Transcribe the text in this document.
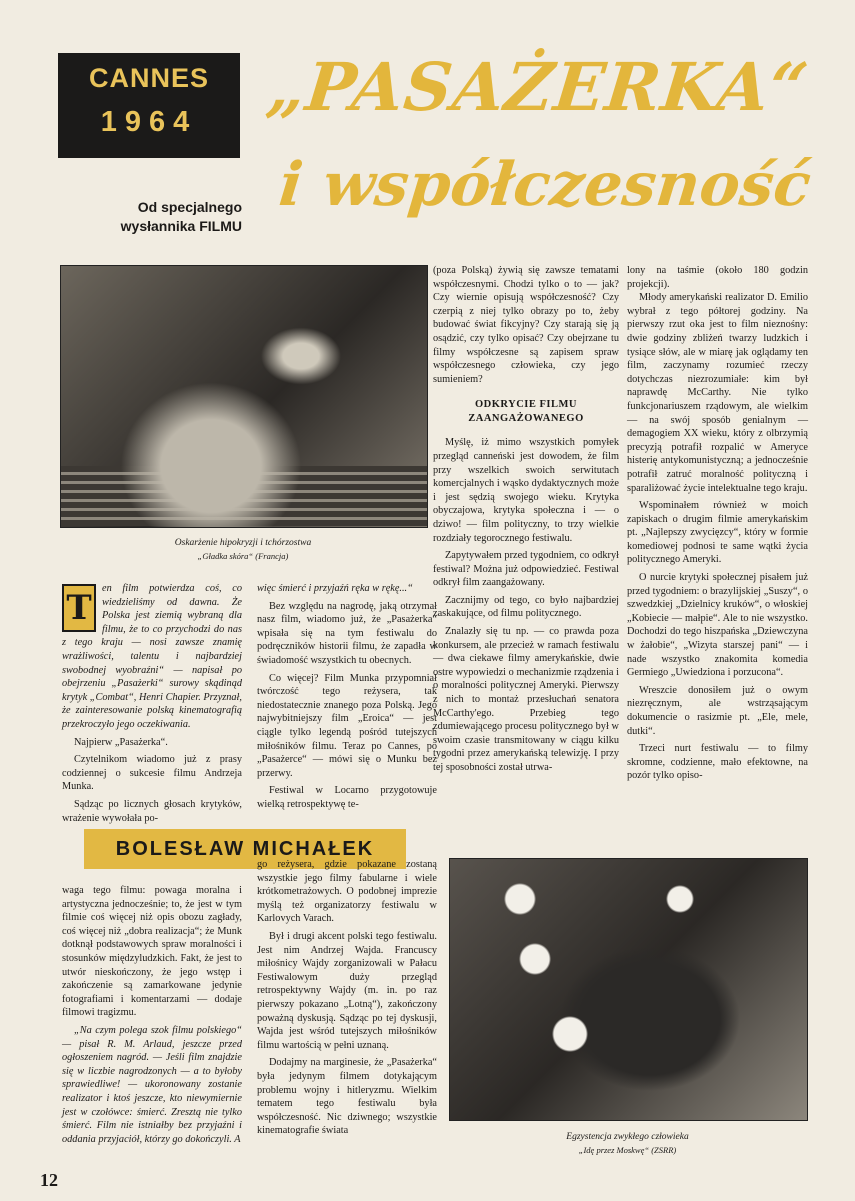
CANNES
1964	„PASAŻERKA“
i współczesność
Od specjalnego
wysłannika FILMU
Oskarżenie hipokryzji i tchórzostwa
„Gładka skóra“ (Francja)

(poza Polską) żywią się zawsze tematami współczesnymi. Chodzi tylko o to — jak? Czy wiernie opisują współczesność? Czy czerpią z niej tylko obrazy po to, żeby budować świat fikcyjny? Czy starają się ją osądzić, czy tylko opisać? Czy obejrzane tu filmy współczesne są zapisem spraw współczesnego człowieka, czy jego sumieniem?

ODKRYCIE FILMU ZAANGAŻOWANEGO

Myślę, iż mimo wszystkich pomyłek przegląd canneński jest dowodem, że film przy wszelkich swoich serwitutach komercjalnych i wąsko dydaktycznych może i jest sędzią swojego wieku. Krytyka obyczajowa, krytyka społeczna i — o dziwo! — film polityczny, to trzy wielkie rozdziały tegorocznego festiwalu.

Zapytywałem przed tygodniem, co odkrył festiwal? Można już odpowiedzieć. Festiwal odkrył film zaangażowany.

Zacznijmy od tego, co było najbardziej zaskakujące, od filmu politycznego.

Znalazły się tu np. — co prawda poza konkursem, ale przecież w ramach festiwalu — dwa ciekawe filmy amerykańskie, dwie ostre wypowiedzi o mechanizmie rządzenia i o moralności politycznej Ameryki. Pierwszy z nich to montaż przesłuchań senatora McCarthy'ego. Przebieg tego zdumiewającego procesu politycznego był w swoim czasie transmitowany w ciągu kilku tygodni przez amerykańską telewizję. I przy tej sposobności został utrwa-

lony na taśmie (około 180 godzin projekcji).

Młody amerykański realizator D. Emilio wybrał z tego półtorej godziny. Na pierwszy rzut oka jest to film nieznośny: dwie godziny zbliżeń twarzy ludzkich i tysiące słów, ale w miarę jak oglądamy ten film, zaczynamy rozumieć rzeczy dotychczas niezrozumiałe: kim był naprawdę McCarthy. Nie tylko funkcjonariuszem rządowym, ale wielkim — na swój sposób genialnym — demagogiem XX wieku, który z olbrzymią precyzją potrafił rozpalić w Ameryce histerię antykomunistyczną; a jednocześnie potrafił zatruć moralność polityczną i sparaliżować życie intelektualne tego kraju.

Wspominałem również w moich zapiskach o drugim filmie amerykańskim pt. „Najlepszy zwycięzcy“, który w formie komediowej podnosi te same wątki życia politycznego Ameryki.

O nurcie krytyki społecznej pisałem już przed tygodniem: o brazylijskiej „Suszy“, o szwedzkiej „Dzielnicy kruków“, o włoskiej „Kobiecie — małpie“. Ale to nie wszystko. Dochodzi do tego hiszpańska „Dziewczyna w żałobie“, „Wizyta starszej pani“ — i nade wszystko znakomita komedia Germiego „Uwiedziona i porzucona“.

Wreszcie donosiłem już o owym niezręcznym, ale wstrząsającym dokumencie o rasizmie pt. „Ele, mele, dutki“.

Trzeci nurt festiwalu — to filmy skromne, codzienne, mało efektowne, na pozór tylko opiso-

T	en film potwierdza coś, co wiedzieliśmy od dawna. Że Polska jest ziemią wybraną dla filmu, że to co przychodzi do nas z tego kraju — nosi zawsze znamię wrażliwości, talentu i najbardziej swobodnej wyobraźni“ — napisał po obejrzeniu „Pasażerki“ surowy skądinąd krytyk „Combat“, Henri Chapier. Przyznał, że zainteresowanie polską kinematografią przekroczyło jego oczekiwania.

Najpierw „Pasażerka“.

Czytelnikom wiadomo już z prasy codziennej o sukcesie filmu Andrzeja Munka.

Sądząc po licznych głosach krytyków, wrażenie wywołała po-

więc śmierć i przyjaźń ręka w rękę...“

Bez względu na nagrodę, jaką otrzymał nasz film, wiadomo już, że „Pasażerka“ wpisała się na tym festiwalu do podręczników historii filmu, że zapadła w świadomość wszystkich tu obecnych.

Co więcej? Film Munka przypomniał twórczość tego reżysera, tak niedostatecznie znanego poza Polską. Jego najwybitniejszy film „Eroica“ — jest ciągle tylko legendą pośród tutejszych miłośników filmu. Teraz po Cannes, po „Pasażerce“ — mówi się o Munku bez przerwy.

Festiwal w Locarno przygotowuje wielką retrospektywę te-

BOLESŁAW MICHAŁEK

waga tego filmu: powaga moralna i artystyczna jednocześnie; to, że jest w tym filmie coś więcej niż opis obozu zagłady, coś więcej niż „dobra realizacja“; że Munk dotknął podstawowych spraw moralności i stosunków międzyludzkich. Fakt, że jest to utwór nieskończony, że jego wstęp i zakończenie są zamarkowane jedynie fotografiami i komentarzami — dodaje filmowi tragizmu.

„Na czym polega szok filmu polskiego“ — pisał R. M. Arlaud, jeszcze przed ogłoszeniem nagród. — Jeśli film znajdzie się w liczbie nagrodzonych — a to byłoby sprawiedliwe! — ukoronowany zostanie realizator i ktoś jeszcze, kto niewymiernie jest w czołówce: śmierć. Zresztą nie tylko śmierć. Film nie istniałby bez przyjaźni i oddania przyjaciół, którzy go dokończyli. A

go reżysera, gdzie pokazane zostaną wszystkie jego filmy fabularne i wiele krótkometrażowych. O podobnej imprezie myślą też organizatorzy festiwalu w Karlovych Varach.

Był i drugi akcent polski tego festiwalu. Jest nim Andrzej Wajda. Francuscy miłośnicy Wajdy zorganizowali w Pałacu Festiwalowym duży przegląd retrospektywny Wajdy (m. in. po raz pierwszy pokazano „Lotną“), zakończony poważną dyskusją. Sądząc po tej dyskusji, Wajda jest wśród tutejszych miłośników filmu wartością w pełni uznaną.

Dodajmy na marginesie, że „Pasażerka“ była jedynym filmem dotykającym problemu wojny i hitleryzmu. Wielkim tematem tego festiwalu była współczesność. Nic dziwnego; wszystkie kinematografie świata

Egzystencja zwykłego człowieka
„Idę przez Moskwę“ (ZSRR)
12
